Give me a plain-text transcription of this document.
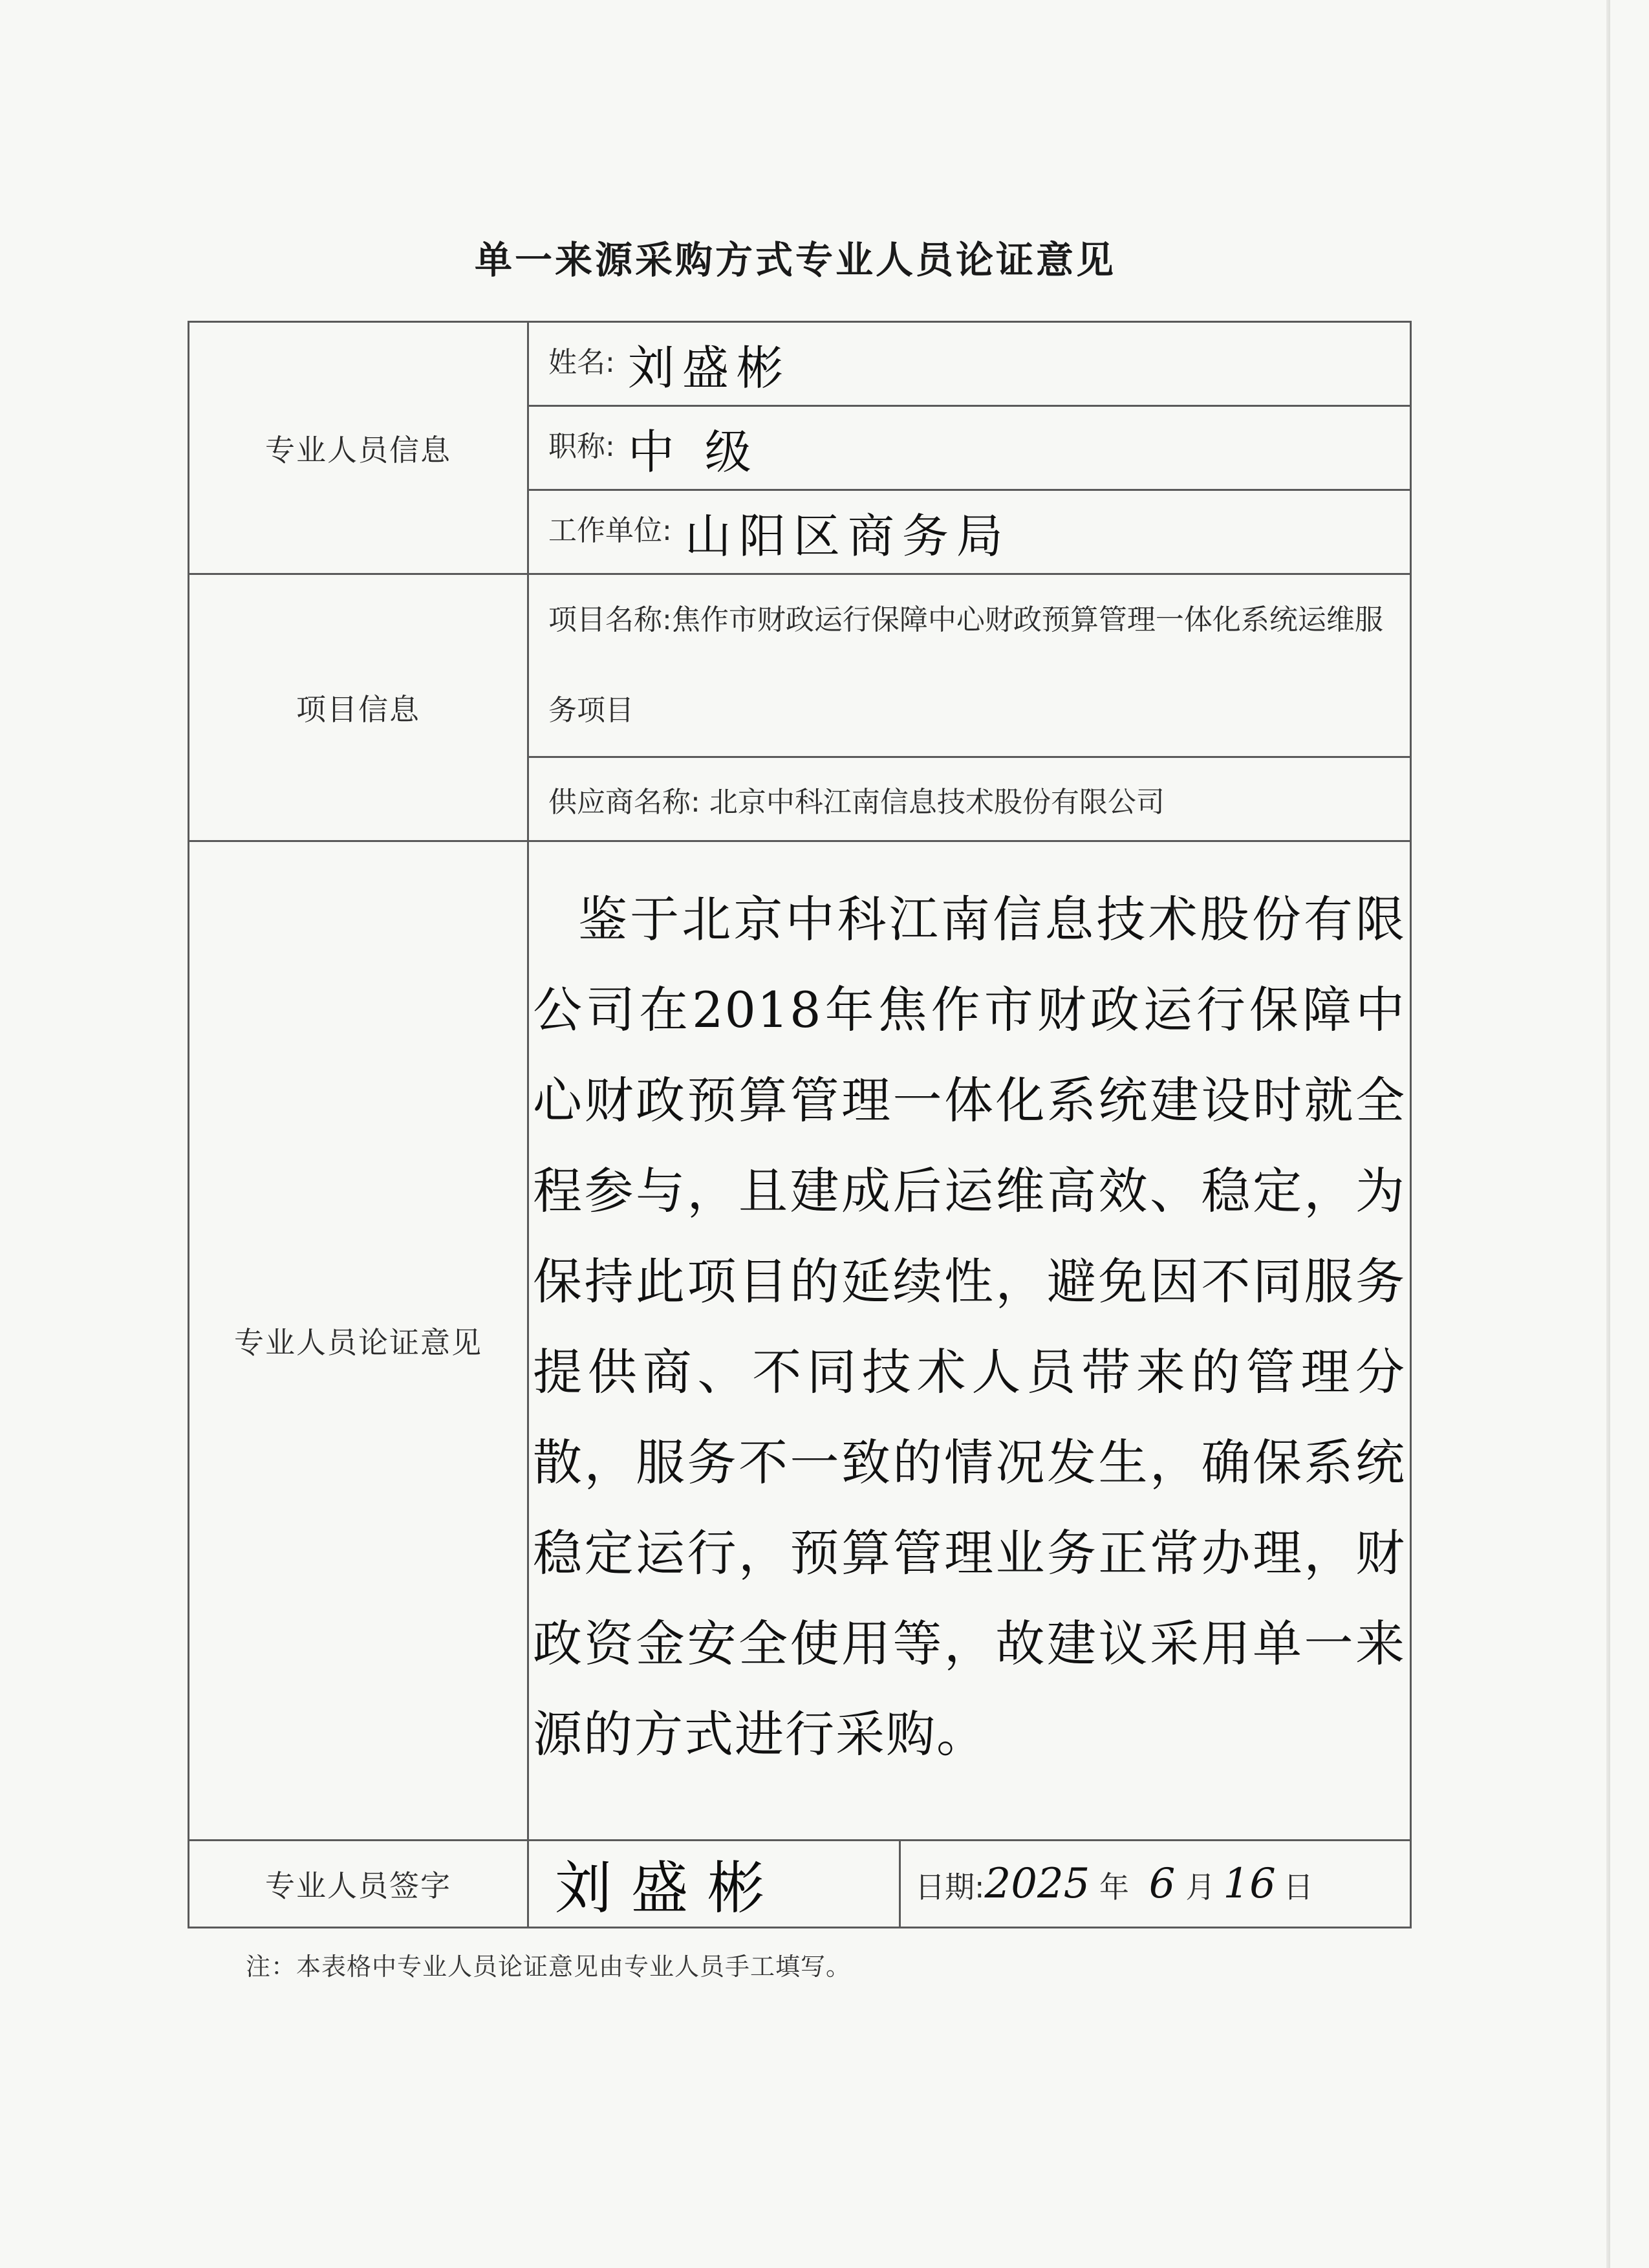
单一来源采购方式专业人员论证意见
专业人员信息	姓名: 刘盛彬	
	职称: 中 级	
	工作单位: 山阳区商务局	
项目信息	项目名称:焦作市财政运行保障中心财政预算管理一体化系统运维服务项目	
	供应商名称: 北京中科江南信息技术股份有限公司	
专业人员论证意见	鉴于北京中科江南信息技术股份有限公司在2018年焦作市财政运行保障中心财政预算管理一体化系统建设时就全程参与，且建成后运维高效、稳定，为保持此项目的延续性，避免因不同服务提供商、不同技术人员带来的管理分散，服务不一致的情况发生，确保系统稳定运行，预算管理业务正常办理，财政资金安全使用等，故建议采用单一来源的方式进行采购。	

专业人员签字	刘盛彬	日期:2025 年 6 月 16 日
注：本表格中专业人员论证意见由专业人员手工填写。
